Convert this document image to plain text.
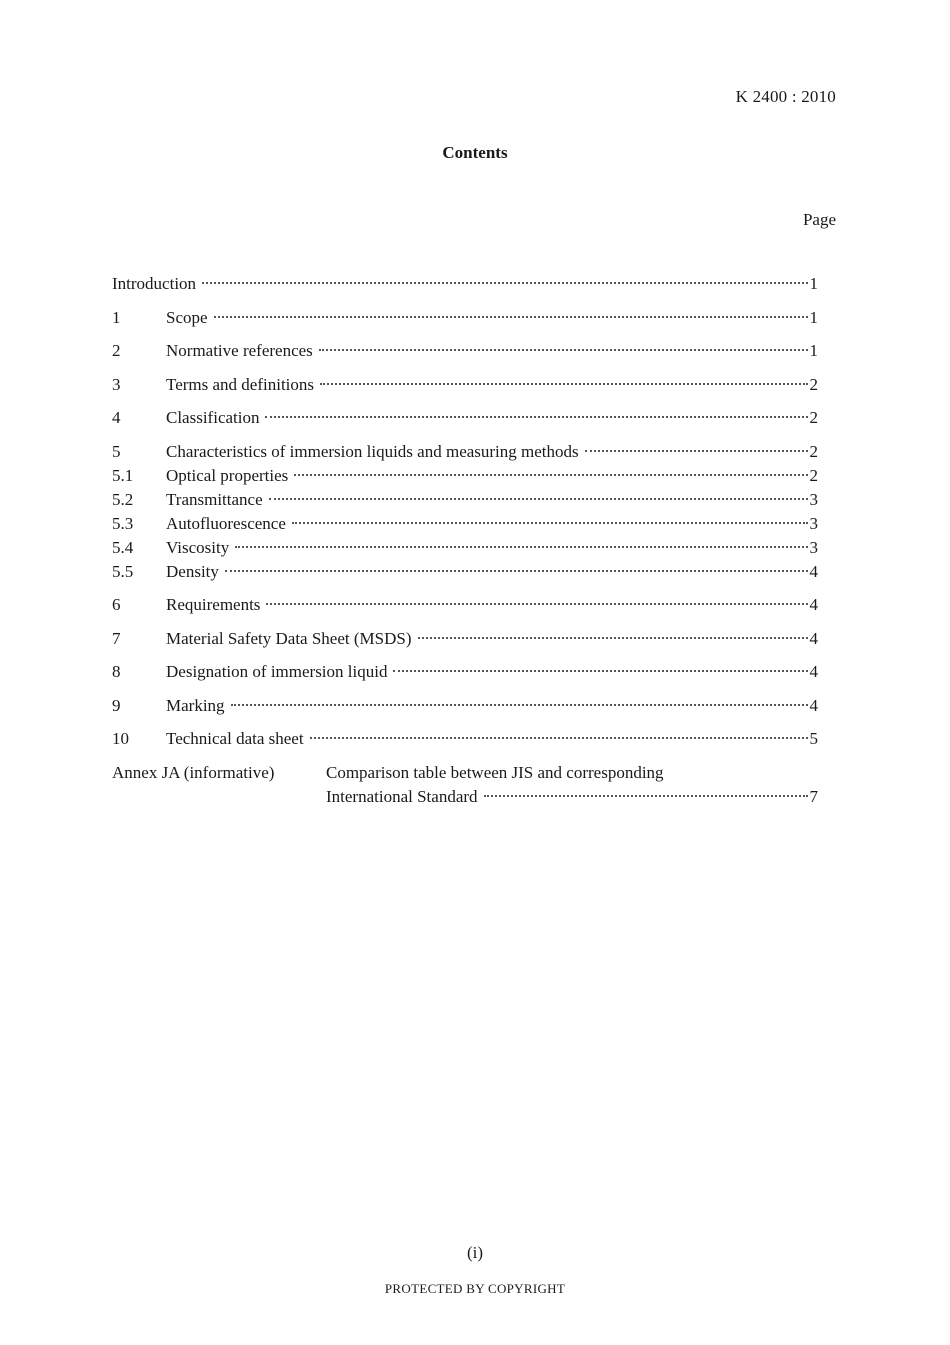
K 2400 : 2010
Contents
Page
Introduction	1
1	Scope	1
2	Normative references	1
3	Terms and definitions	2
4	Classification	2
5	Characteristics of immersion liquids and measuring methods	2
5.1 Optical properties	2
5.2 Transmittance	3
5.3 Autofluorescence	3
5.4 Viscosity	3
5.5 Density	4
6	Requirements	4
7	Material Safety Data Sheet (MSDS)	4
8	Designation of immersion liquid	4
9	Marking	4
10 Technical data sheet	5
Annex JA (informative)	Comparison table between JIS and corresponding
International Standard	7
(i)
PROTECTED BY COPYRIGHT
